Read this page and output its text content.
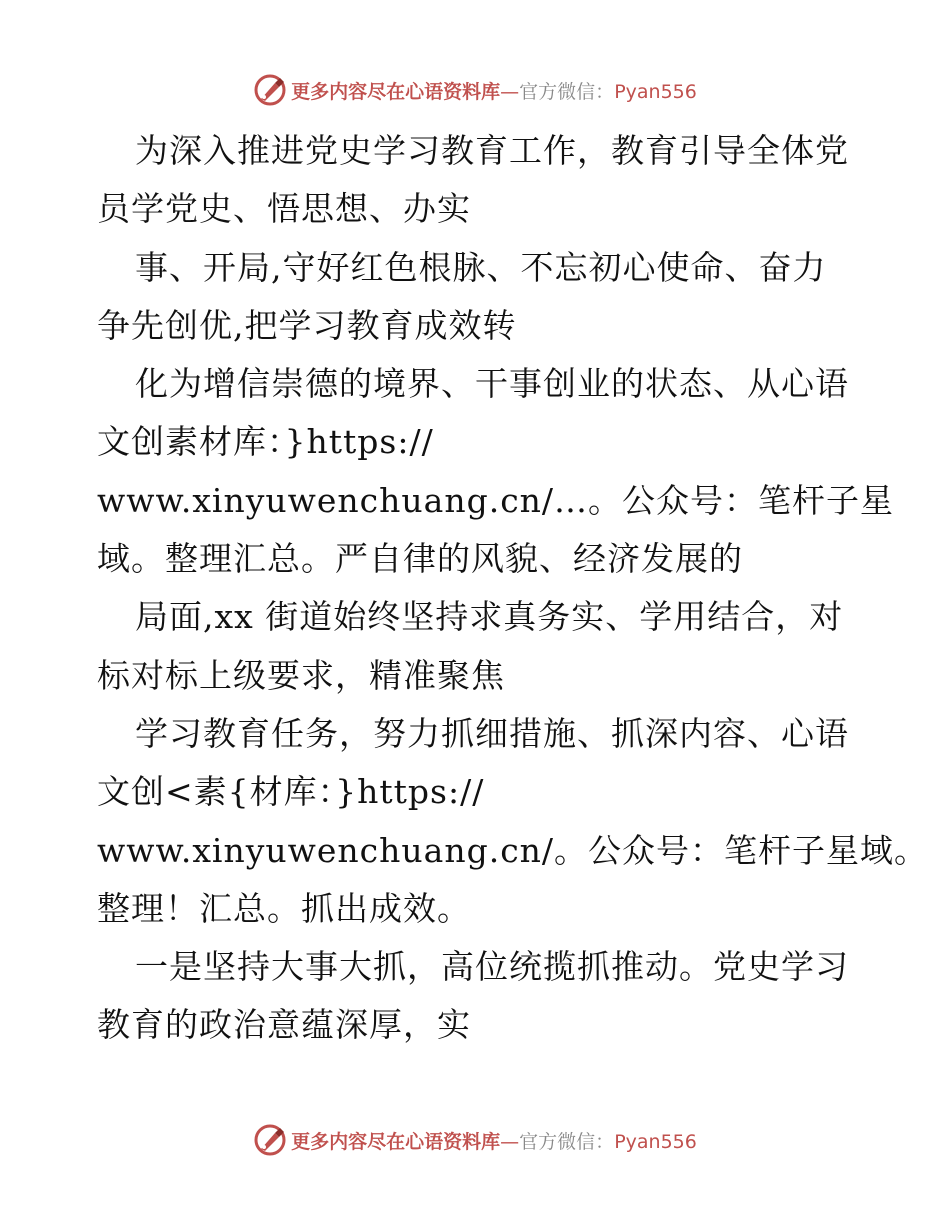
更多内容尽在心语资料库—官方微信：Pyan556
为深入推进党史学习教育工作，教育引导全体党
员学党史、悟思想、办实
事、开局,守好红色根脉、不忘初心使命、奋力
争先创优,把学习教育成效转
化为增信崇德的境界、干事创业的状态、从心语
文创素材库：}https://
www.xinyuwenchuang.cn/…。公众号：笔杆子星
域。整理汇总。严自律的风貌、经济发展的
局面,xx 街道始终坚持求真务实、学用结合，对
标对标上级要求，精准聚焦
学习教育任务，努力抓细措施、抓深内容、心语
文创<素{材库：}https://
www.xinyuwenchuang.cn/。公众号：笔杆子星域。
整理！汇总。抓出成效。
一是坚持大事大抓，高位统揽抓推动。党史学习
教育的政治意蕴深厚，实
更多内容尽在心语资料库—官方微信：Pyan556
